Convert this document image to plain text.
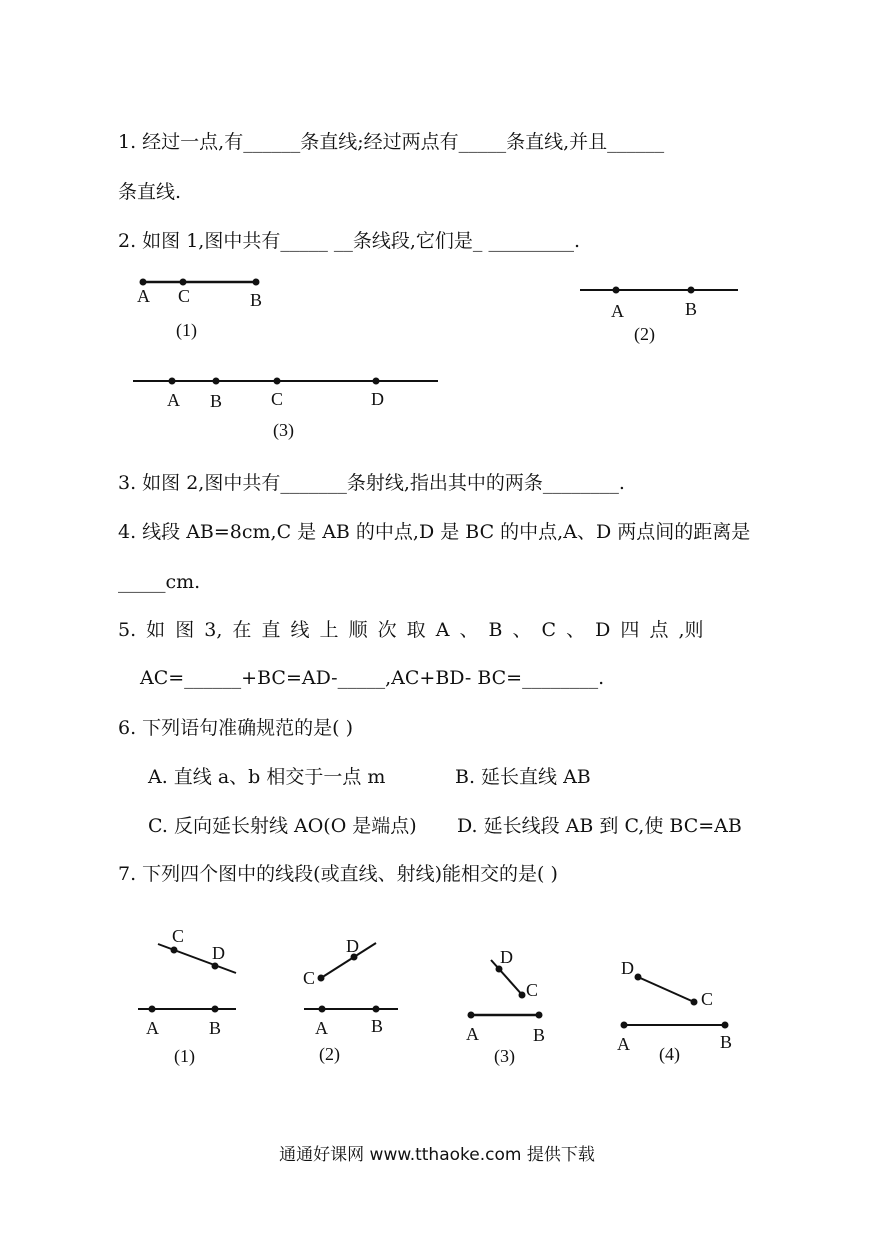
1. 经过一点,有______条直线;经过两点有_____条直线,并且______
条直线.
2. 如图 1,图中共有_____ __条线段,它们是_ _________.
A C	B
(1)
A	B
(2)
A B	C	D
(3)
3. 如图 2,图中共有_______条射线,指出其中的两条________.
4. 线段 AB=8cm,C 是 AB 的中点,D 是 BC 的中点,A、D 两点间的距离是
_____cm.
5. 如 图 3, 在 直 线 上 顺 次 取 A 、 B 、 C 、 D 四 点 ,则
AC=______+BC=AD-_____,AC+BD- BC=________.
6. 下列语句准确规范的是( )
A. 直线 a、b 相交于一点 m	B. 延长直线 AB
C. 反向延长射线 AO(O 是端点) D. 延长线段 AB 到 C,使 BC=AB
7. 下列四个图中的线段(或直线、射线)能相交的是( )
C
D
A	B
(1)
D
C
A B
(2)
D
C
A	B
(3)
D
C
A	B
(4)
通通好课网 www.tthaoke.com 提供下载
